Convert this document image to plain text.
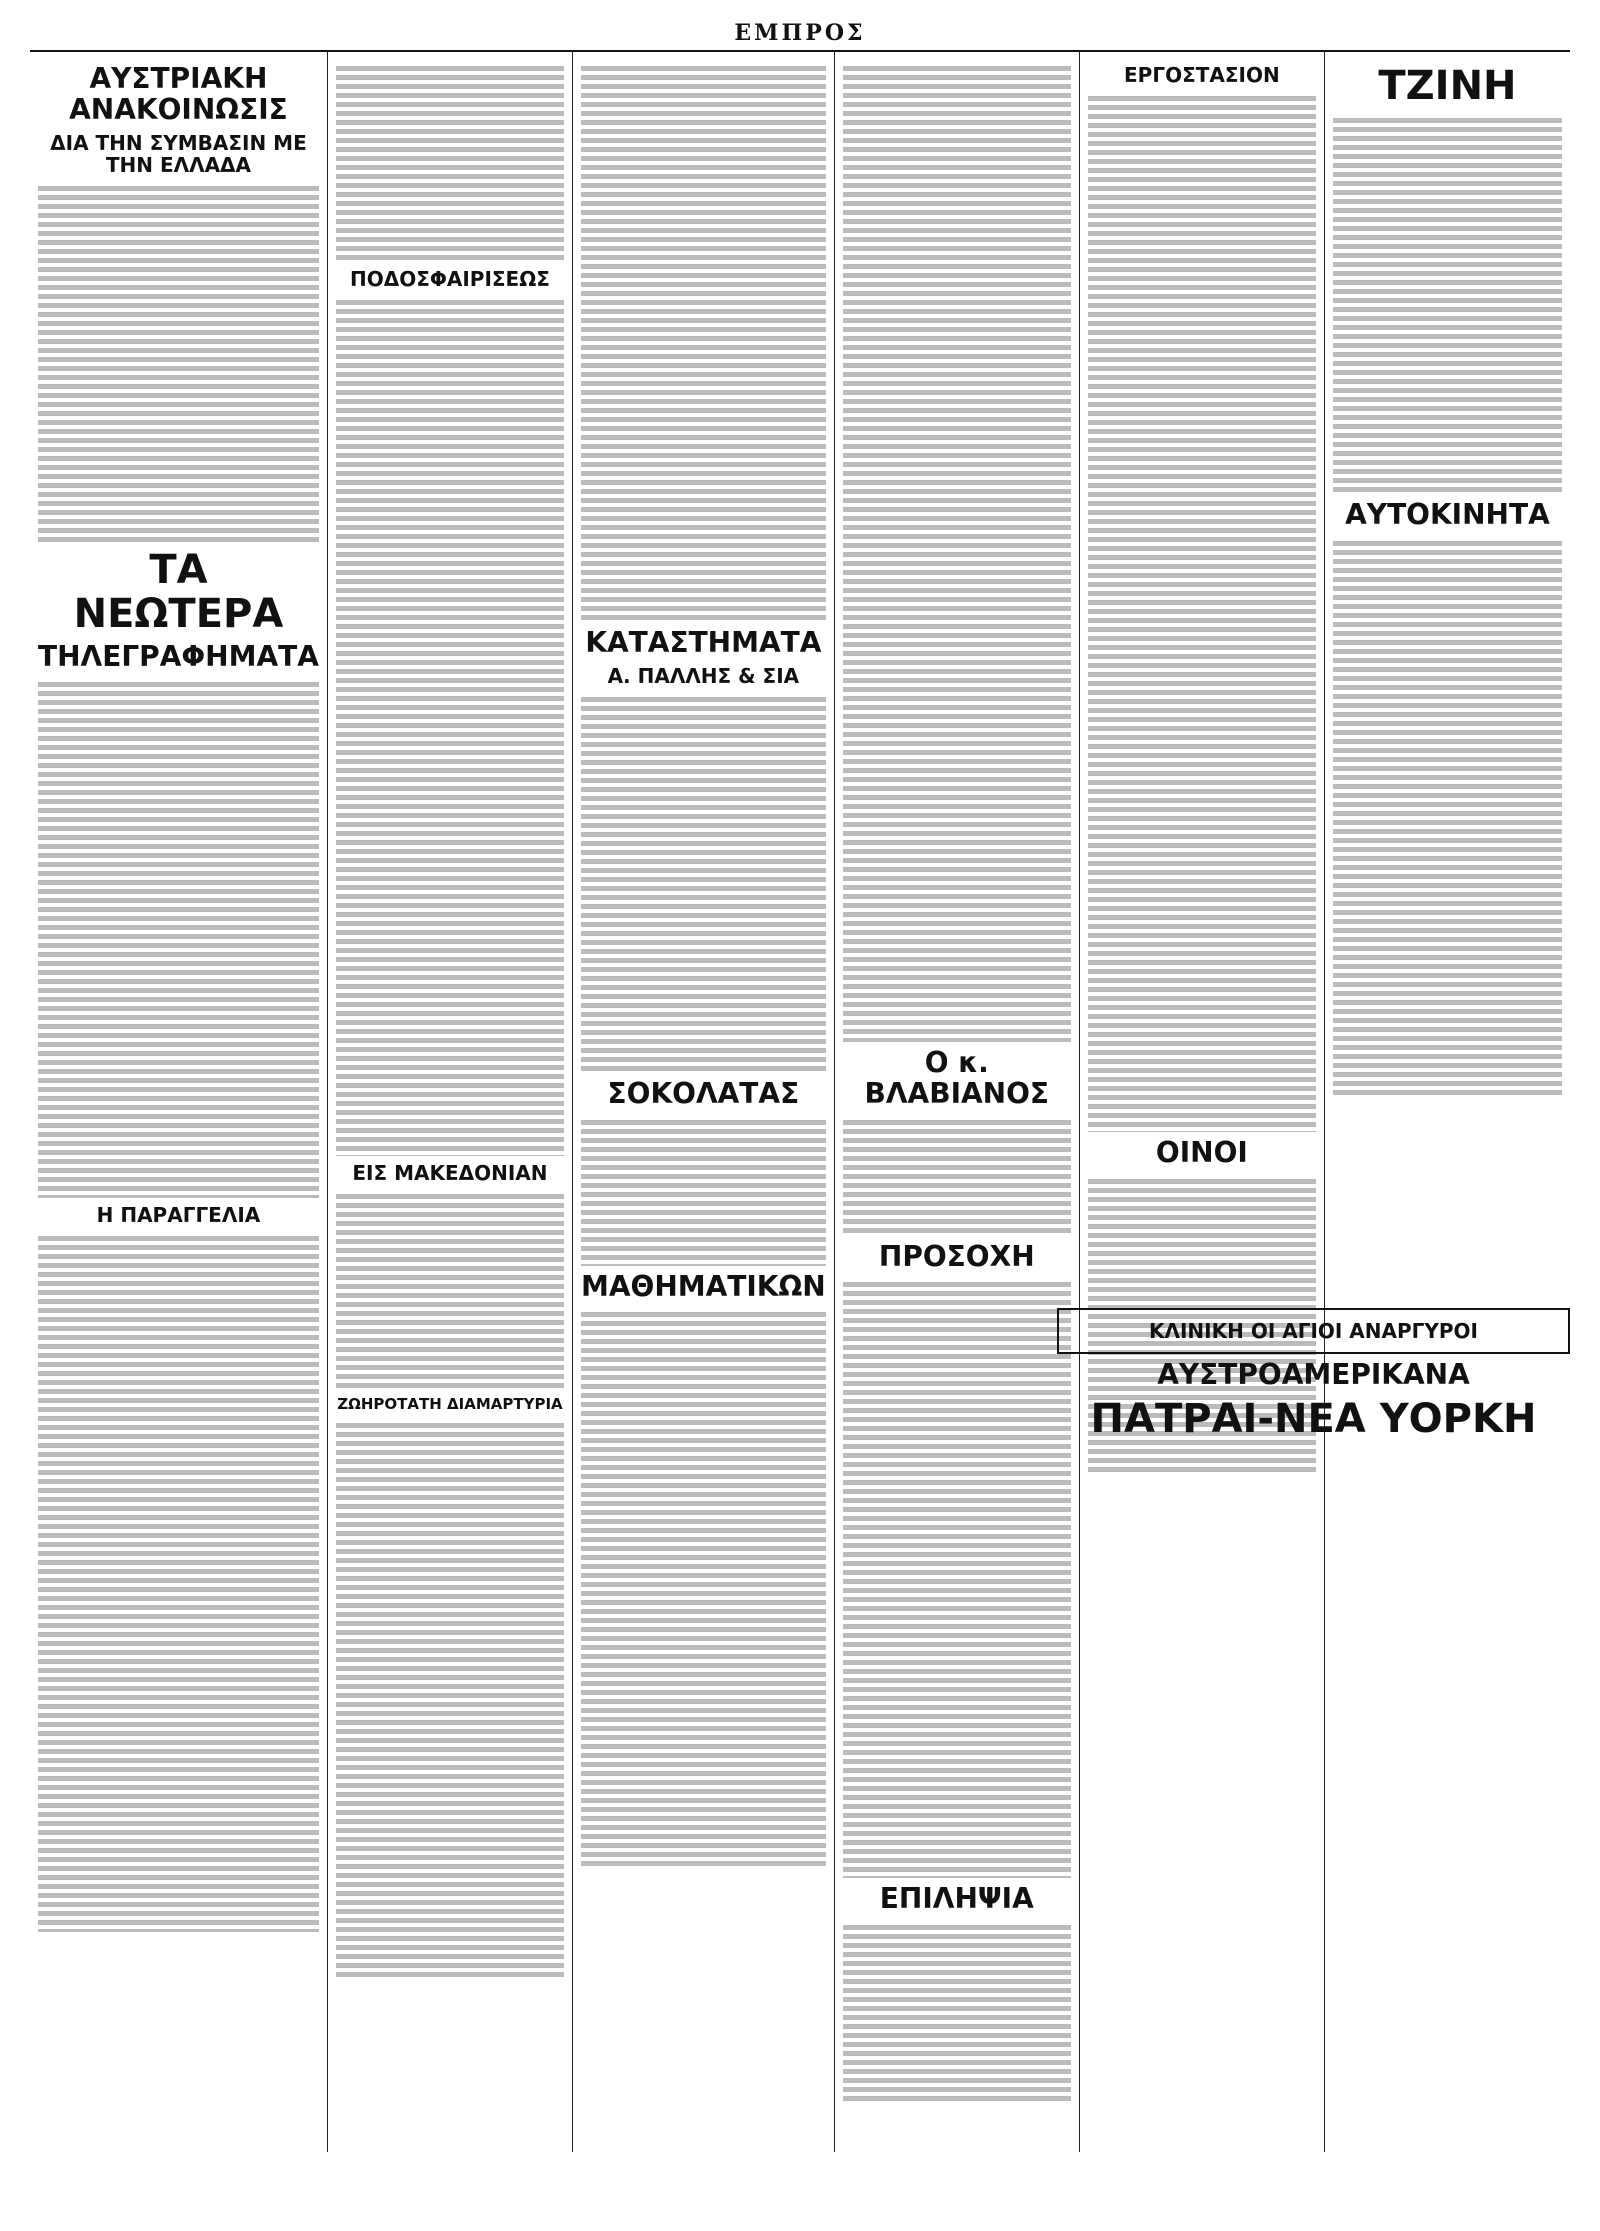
ΕΜΠΡΟΣ
ΑΥΣΤΡΙΑΚΗ ΑΝΑΚΟΙΝΩΣΙΣ
ΔΙΑ ΤΗΝ ΣΥΜΒΑΣΙΝ ΜΕ ΤΗΝ ΕΛΛΑΔΑ
ΤΑ ΝΕΩΤΕΡΑ
ΤΗΛΕΓΡΑΦΗΜΑΤΑ
Η ΠΑΡΑΓΓΕΛΙΑ
ΠΟΔΟΣΦΑΙΡΙΣΕΩΣ
ΕΙΣ ΜΑΚΕΔΟΝΙΑΝ
ΖΩΗΡΟΤΑΤΗ ΔΙΑΜΑΡΤΥΡΙΑ
ΚΑΤΑΣΤΗΜΑΤΑ
Α. ΠΑΛΛΗΣ & ΣΙΑ
ΣΟΚΟΛΑΤΑΣ
ΜΑΘΗΜΑΤΙΚΩΝ
Ο κ. ΒΛΑΒΙΑΝΟΣ
ΠΡΟΣΟΧΗ
ΕΠΙΛΗΨΙΑ
ΕΡΓΟΣΤΑΣΙΟΝ
ΟΙΝΟΙ
ΤΖΙΝΗ
ΑΥΤΟΚΙΝΗΤΑ
ΚΛΙΝΙΚΗ ΟΙ ΑΓΙΟΙ ΑΝΑΡΓΥΡΟΙ
ΑΥΣΤΡΟΑΜΕΡΙΚΑΝΑ
ΠΑΤΡΑΙ-ΝΕΑ ΥΟΡΚΗ
